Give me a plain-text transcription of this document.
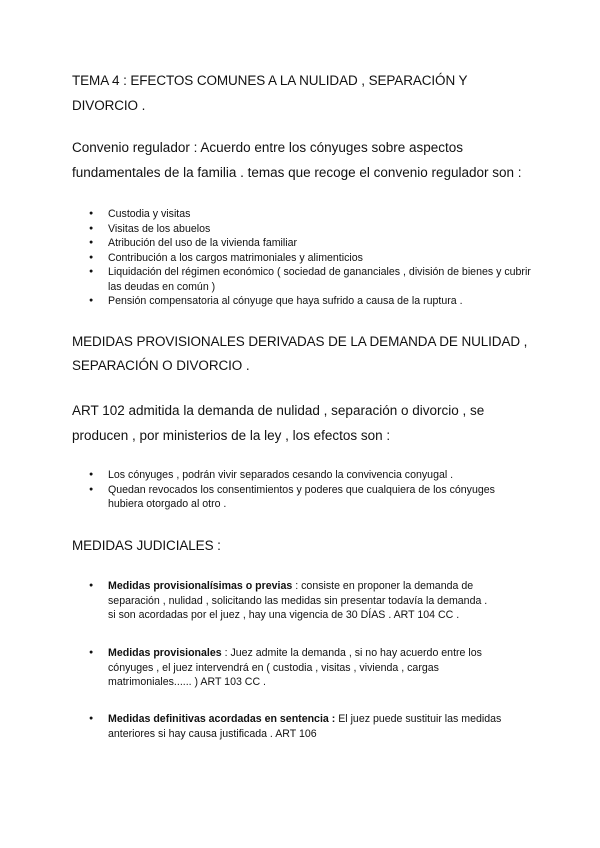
TEMA 4 : EFECTOS COMUNES A LA NULIDAD , SEPARACIÓN Y
DIVORCIO .
Convenio regulador : Acuerdo entre los cónyuges sobre aspectos
fundamentales de la familia . temas que recoge el convenio regulador son :
● Custodia y visitas
● Visitas de los abuelos
● Atribución del uso de la vivienda familiar
● Contribución a los cargos matrimoniales y alimenticios
● Liquidación del régimen económico ( sociedad de gananciales , división de bienes y cubrir las deudas en común )
● Pensión compensatoria al cónyuge que haya sufrido a causa de la ruptura .
MEDIDAS PROVISIONALES DERIVADAS DE LA DEMANDA DE NULIDAD ,
SEPARACIÓN O DIVORCIO .
ART 102 admitida la demanda de nulidad , separación o divorcio , se
producen , por ministerios de la ley , los efectos son :
● Los cónyuges , podrán vivir separados cesando la convivencia conyugal .
● Quedan revocados los consentimientos y poderes que cualquiera de los cónyuges hubiera otorgado al otro .
MEDIDAS JUDICIALES :
● Medidas provisionalísimas o previas : consiste en proponer la demanda de
separación , nulidad , solicitando las medidas sin presentar todavía la demanda .
si son acordadas por el juez , hay una vigencia de 30 DÍAS . ART 104 CC .
● Medidas provisionales : Juez admite la demanda , si no hay acuerdo entre los
cónyuges , el juez intervendrá en ( custodia , visitas , vivienda , cargas
matrimoniales...... ) ART 103 CC .
● Medidas definitivas acordadas en sentencia : El juez puede sustituir las medidas
anteriores si hay causa justificada . ART 106
